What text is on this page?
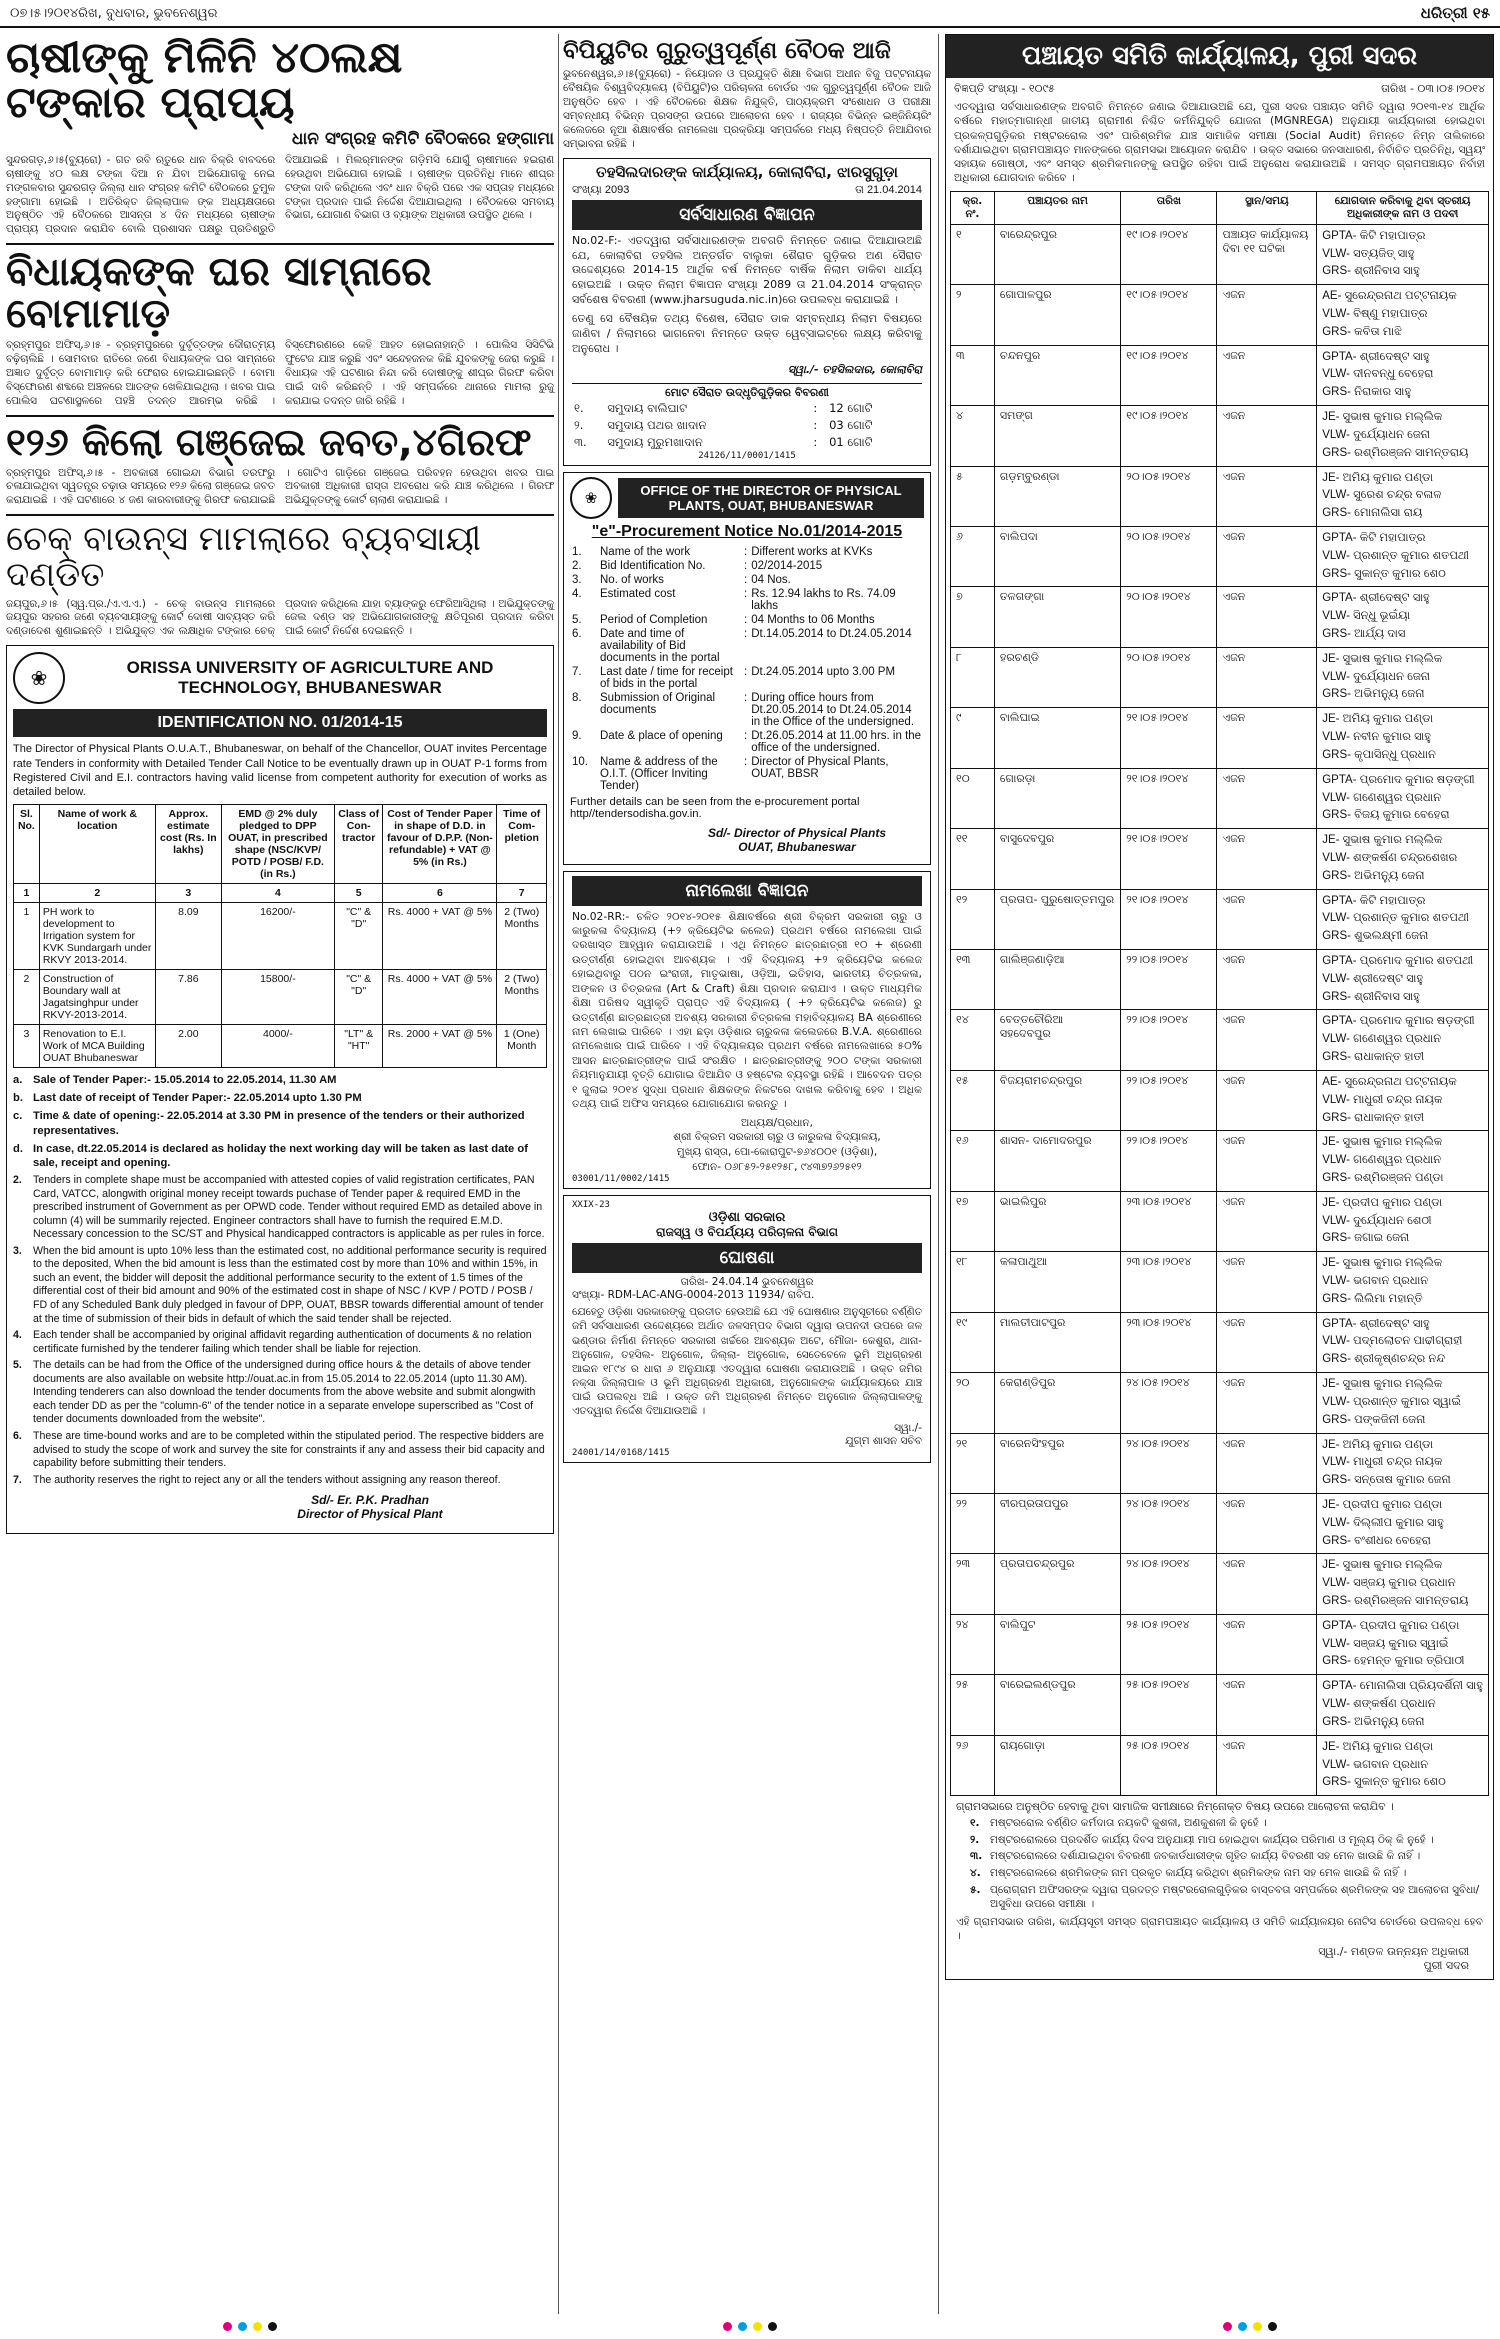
୦୭।୫।୨୦୧୪ରିଖ, ବୁଧବାର, ଭୁବନେଶ୍ୱର	ଧରିତ୍ରୀ ୧୫
ଚାଷୀଙ୍କୁ ମିଳିନି ୪୦ଲକ୍ଷ ଟଙ୍କାର ପ୍ରାପ୍ୟ
ଧାନ ସଂଗ୍ରହ କମିଟି ବୈଠକରେ ହଙ୍ଗାମା

ସୁନ୍ଦରଗଡ଼,୬।୫(ବ୍ୟୁରୋ) - ଗତ ରବି ଋତୁରେ ଧାନ ବିକ୍ରି ବାବଦରେ ଚାଷୀଙ୍କୁ ୪୦ ଲକ୍ଷ ଟଙ୍କା ଦିଆ ନ ଯିବା ଅଭିଯୋଗକୁ ନେଇ ମଙ୍ଗଳବାର ସୁନ୍ଦରଗଡ଼ ଜିଲ୍ଲା ଧାନ ସଂଗ୍ରହ କମିଟି ବୈଠକରେ ତୁମୁଳ ହଙ୍ଗାମା ହୋଇଛି । ଅତିରିକ୍ତ ଜିଲ୍ଲାପାଳ ଙ୍କ ଅଧ୍ୟକ୍ଷତାରେ ଅନୁଷ୍ଠିତ ଏହି ବୈଠକରେ ଆସନ୍ତା ୪ ଦିନ ମଧ୍ୟରେ ଚାଷୀଙ୍କ ପ୍ରାପ୍ୟ ପ୍ରଦାନ କରାଯିବ ବୋଲି ପ୍ରଶାସନ ପକ୍ଷରୁ ପ୍ରତିଶ୍ରୁତି ଦିଆଯାଇଛି । ମିଲର୍‌ମାନଙ୍କ ଗଡ଼ିମସି ଯୋଗୁଁ ଚାଷୀମାନେ ହଇରାଣ ହେଉଥିବା ଅଭିଯୋଗ ହୋଇଛି । ଚାଷୀଙ୍କ ପ୍ରତିନିଧି ମାନେ ଶୀଘ୍ର ଟଙ୍କା ଦାବି କରିଥିଲେ ଏବଂ ଧାନ ବିକ୍ରି ପରେ ଏକ ସପ୍ତାହ ମଧ୍ୟରେ ଟଙ୍କା ପ୍ରଦାନ ପାଇଁ ନିର୍ଦ୍ଦେଶ ଦିଆଯାଇଥିଲା । ବୈଠକରେ ସମବାୟ ବିଭାଗ, ଯୋଗାଣ ବିଭାଗ ଓ ବ୍ୟାଙ୍କ ଅଧିକାରୀ ଉପସ୍ଥିତ ଥିଲେ ।

ବିଧାୟକଙ୍କ ଘର ସାମ୍ନାରେ ବୋମାମାଡ଼

ବ୍ରହ୍ମପୁର ଅଫିସ୍,୬।୫ - ବ୍ରହ୍ମପୁରରେ ଦୁର୍ବୃତ୍ତଙ୍କ ଦୌରାତ୍ମ୍ୟ ବଢ଼ିଚାଲିଛି । ସୋମବାର ରାତିରେ ଜଣେ ବିଧାୟକଙ୍କ ଘର ସାମ୍ନାରେ ଅଜ୍ଞାତ ଦୁର୍ବୃତ୍ତ ବୋମାମାଡ଼ କରି ଫେରାର ହୋଇଯାଇଛନ୍ତି । ବୋମା ବିସ୍ଫୋରଣ ଶବ୍ଦରେ ଅଞ୍ଚଳରେ ଆତଙ୍କ ଖେଳିଯାଇଥିଲା । ଖବର ପାଇ ପୋଲିସ ଘଟଣାସ୍ଥଳରେ ପହଞ୍ଚି ତଦନ୍ତ ଆରମ୍ଭ କରିଛି । ବିସ୍ଫୋରଣରେ କେହି ଆହତ ହୋଇନାହାନ୍ତି । ପୋଲିସ ସିସିଟିଭି ଫୁଟେଜ ଯାଞ୍ଚ କରୁଛି ଏବଂ ସନ୍ଦେହଜନକ କିଛି ଯୁବକଙ୍କୁ ଜେରା କରୁଛି । ବିଧାୟକ ଏହି ଘଟଣାର ନିନ୍ଦା କରି ଦୋଷୀଙ୍କୁ ଶୀଘ୍ର ଗିରଫ କରିବା ପାଇଁ ଦାବି କରିଛନ୍ତି । ଏହି ସମ୍ପର୍କରେ ଥାନାରେ ମାମଲା ରୁଜୁ କରାଯାଇ ତଦନ୍ତ ଜାରି ରହିଛି ।

୧୨୬ କିଲୋ ଗଞ୍ଜେଇ ଜବତ,୪ଗିରଫ

ବ୍ରହ୍ମପୁର ଅଫିସ୍,୬।୫ - ଅବକାରୀ ଗୋଇନ୍ଦା ବିଭାଗ ତରଫରୁ ଚଳାଯାଇଥିବା ସ୍ୱତନ୍ତ୍ର ଚଢ଼ାଉ ସମୟରେ ୧୨୬ କିଲୋ ଗଞ୍ଜେଇ ଜବତ କରାଯାଇଛି । ଏହି ଘଟଣାରେ ୪ ଜଣ କାରବାରୀଙ୍କୁ ଗିରଫ କରାଯାଇଛି । ଗୋଟିଏ ଗାଡ଼ିରେ ଗଞ୍ଜେଇ ପରିବହନ ହେଉଥିବା ଖବର ପାଇ ଅବକାରୀ ଅଧିକାରୀ ରାସ୍ତା ଅବରୋଧ କରି ଯାଞ୍ଚ କରିଥିଲେ । ଗିରଫ ଅଭିଯୁକ୍ତଙ୍କୁ କୋର୍ଟ ଚାଲାଣ କରାଯାଇଛି ।

ଚେକ୍ ବାଉନ୍ସ ମାମଲାରେ ବ୍ୟବସାୟୀ ଦଣ୍ଡିତ

ଜୟପୁର,୬।୫ (ସ୍ୱ.ପ୍ର./ଏ.ଏ.ଏ.) - ଚେକ୍ ବାଉନ୍ସ ମାମଲାରେ ଜୟପୁର ସହରର ଜଣେ ବ୍ୟବସାୟୀଙ୍କୁ କୋର୍ଟ ଦୋଷୀ ସାବ୍ୟସ୍ତ କରି ଦଣ୍ଡାଦେଶ ଶୁଣାଇଛନ୍ତି । ଅଭିଯୁକ୍ତ ଏକ ଲକ୍ଷାଧିକ ଟଙ୍କାର ଚେକ୍ ପ୍ରଦାନ କରିଥିଲେ ଯାହା ବ୍ୟାଙ୍କରୁ ଫେରିଆସିଥିଲା । ଅଭିଯୁକ୍ତଙ୍କୁ ଜେଲ ଦଣ୍ଡ ସହ ଅଭିଯୋଗକାରୀଙ୍କୁ କ୍ଷତିପୂରଣ ପ୍ରଦାନ କରିବା ପାଇଁ କୋର୍ଟ ନିର୍ଦ୍ଦେଶ ଦେଇଛନ୍ତି ।

❀	ORISSA UNIVERSITY OF AGRICULTURE AND TECHNOLOGY, BHUBANESWAR
IDENTIFICATION NO. 01/2014-15

The Director of Physical Plants O.U.A.T., Bhubaneswar, on behalf of the Chancellor, OUAT invites Percentage rate Tenders in conformity with Detailed Tender Call Notice to be eventually drawn up in OUAT P-1 forms from Registered Civil and E.I. contractors having valid license from competent authority for execution of works as detailed below.

Sl. No.	Name of work & location	Approx. estimate cost (Rs. In lakhs)	EMD @ 2% duly pledged to DPP OUAT, in prescribed shape (NSC/KVP/ POTD / POSB/ F.D. (in Rs.)	Class of Con-tractor	Cost of Tender Paper in shape of D.D. in favour of D.P.P. (Non-refundable) + VAT @ 5% (in Rs.)	Time of Com-pletion
1	2	3	4	5	6	7
1	PH work to development to Irrigation system for KVK Sundargarh under RKVY 2013-2014.	8.09	16200/-	"C" & "D"	Rs. 4000 + VAT @ 5%	2 (Two) Months
2	Construction of Boundary wall at Jagatsinghpur under RKVY-2013-2014.	7.86	15800/-	"C" & "D"	Rs. 4000 + VAT @ 5%	2 (Two) Months
3	Renovation to E.I. Work of MCA Building OUAT Bhubaneswar	2.00	4000/-	"LT" & "HT"	Rs. 2000 + VAT @ 5%	1 (One) Month
a. Sale of Tender Paper:- 15.05.2014 to 22.05.2014, 11.30 AM
b. Last date of receipt of Tender Paper:- 22.05.2014 upto 1.30 PM
c. Time & date of opening:- 22.05.2014 at 3.30 PM in presence of the tenders or their authorized representatives.
d. In case, dt.22.05.2014 is declared as holiday the next working day will be taken as last date of sale, receipt and opening.
2.	Tenders in complete shape must be accompanied with attested copies of valid registration certificates, PAN Card, VATCC, alongwith original money receipt towards puchase of Tender paper & required EMD in the prescribed instrument of Government as per OPWD code. Tender without required EMD as detailed above in column (4) will be summarily rejected. Engineer contractors shall have to furnish the required E.M.D. Necessary concession to the SC/ST and Physical handicapped contractors is applicable as per rules in force.
3.	When the bid amount is upto 10% less than the estimated cost, no additional performance security is required to the deposited, When the bid amount is less than the estimated cost by more than 10% and within 15%, in such an event, the bidder will deposit the additional performance security to the extent of 1.5 times of the differential cost of their bid amount and 90% of the estimated cost in shape of NSC / KVP / POTD / POSB / FD of any Scheduled Bank duly pledged in favour of DPP, OUAT, BBSR towards differential amount of tender at the time of submission of their bids in default of which the said tender shall be rejected.
4.	Each tender shall be accompanied by original affidavit regarding authentication of documents & no relation certificate furnished by the tenderer failing which tender shall be liable for rejection.
5.	The details can be had from the Office of the undersigned during office hours & the details of above tender documents are also available on website http://ouat.ac.in from 15.05.2014 to 22.05.2014 (upto 11.30 AM). Intending tenderers can also download the tender documents from the above website and submit alongwith each tender DD as per the "column-6" of the tender notice in a separate envelope superscribed as "Cost of tender documents downloaded from the website".
6.	These are time-bound works and are to be completed within the stipulated period. The respective bidders are advised to study the scope of work and survey the site for constraints if any and assess their bid capacity and capability before submitting their tenders.
7.	The authority reserves the right to reject any or all the tenders without assigning any reason thereof.
Sd/- Er. P.K. Pradhan
Director of Physical Plant
ବିପିୟୁଟିର ଗୁରୁତ୍ୱପୂର୍ଣ୍ଣ ବୈଠକ ଆଜି

ଭୁବନେଶ୍ୱର,୬।୫(ବ୍ୟୁରୋ) - ନିୟୋଜନ ଓ ପ୍ରଯୁକ୍ତି ଶିକ୍ଷା ବିଭାଗ ଅଧୀନ ବିଜୁ ପଟ୍ଟନାୟକ ବୈଷୟିକ ବିଶ୍ୱବିଦ୍ୟାଳୟ (ବିପିୟୁଟି)ର ପରିଚାଳନା ବୋର୍ଡର ଏକ ଗୁରୁତ୍ୱପୂର୍ଣ୍ଣ ବୈଠକ ଆଜି ଅନୁଷ୍ଠିତ ହେବ । ଏହି ବୈଠକରେ ଶିକ୍ଷକ ନିଯୁକ୍ତି, ପାଠ୍ୟକ୍ରମ ସଂଶୋଧନ ଓ ପରୀକ୍ଷା ସମ୍ବନ୍ଧୀୟ ବିଭିନ୍ନ ପ୍ରସଙ୍ଗ ଉପରେ ଆଲୋଚନା ହେବ । ରାଜ୍ୟର ବିଭିନ୍ନ ଇଞ୍ଜିନିୟରିଂ କଲେଜରେ ନୂଆ ଶିକ୍ଷାବର୍ଷର ନାମଲେଖା ପ୍ରକ୍ରିୟା ସମ୍ପର୍କରେ ମଧ୍ୟ ନିଷ୍ପତ୍ତି ନିଆଯିବାର ସମ୍ଭାବନା ରହିଛି ।

ତହସିଲଦାରଙ୍କ କାର୍ଯ୍ୟାଳୟ, କୋଲାବିରା, ଝାରସୁଗୁଡ଼ା
ସଂଖ୍ୟା 2093	ତା 21.04.2014
ସର୍ବସାଧାରଣ ବିଜ୍ଞାପନ

No.02-F:- ଏତଦ୍ୱାରା ସର୍ବସାଧାରଣଙ୍କ ଅବଗତି ନିମନ୍ତେ ଜଣାଇ ଦିଆଯାଉଅଛି ଯେ, କୋଲାବିରା ତହସିଲ ଅନ୍ତର୍ଗତ ବାଲୁକା ଶୈରାତ ଗୁଡ଼ିକର ଅଣ ସୈରାତ ଉଦ୍ଦେଶ୍ୟରେ 2014-15 ଆର୍ଥିକ ବର୍ଷ ନିମନ୍ତେ ବାର୍ଷିକ ନିଲାମ ଡାକିବା ଧାର୍ଯ୍ୟ ହୋଇଅଛି । ଉକ୍ତ ନିଲାମ ବିଜ୍ଞାପନ ସଂଖ୍ୟା 2089 ତା 21.04.2014 ସଂକ୍ରାନ୍ତ ସର୍ବଶେଷ ବିବରଣୀ (www.jharsuguda.nic.in)ରେ ଉପଲବ୍ଧ କରାଯାଇଛି ।

ତେଣୁ ସେ ବୈଷୟିକ ତଥ୍ୟ ବିଶେଷ, ସୈରାତ ଡାକ ସମ୍ବନ୍ଧୀୟ ନିଲାମ ବିଷୟରେ ଜାଣିବା / ନିଲାମରେ ଭାଗନେବା ନିମନ୍ତେ ଉକ୍ତ ୱେବ୍‌ସାଇଟ୍‌ରେ ଲକ୍ଷ୍ୟ କରିବାକୁ ଅନୁରୋଧ ।

ସ୍ୱା./- ତହସିଲଦାର, କୋଲାବିରା
ମୋଟ ସୈରାତ ଉଦ୍ଧୃତିଗୁଡ଼ିକର ବିବରଣୀ
୧.	ସମୁଦାୟ ବାଲିଘାଟ	:	12 ଗୋଟି
୨.	ସମୁଦାୟ ପଥର ଖାଦାନ	:	03 ଗୋଟି
୩.	ସମୁଦାୟ ମୁରୁମଖାଦାନ	:	01 ଗୋଟି
24126/11/0001/1415
❀	OFFICE OF THE DIRECTOR OF PHYSICAL PLANTS, OUAT, BHUBANESWAR
"e"-Procurement Notice No.01/2014-2015
1.	Name of the work	:	Different works at KVKs
2.	Bid Identification No.	:	02/2014-2015
3.	No. of works	:	04 Nos.
4.	Estimated cost	:	Rs. 12.94 lakhs to Rs. 74.09 lakhs
5.	Period of Completion	:	04 Months to 06 Months
6.	Date and time of availability of Bid documents in the portal	:	Dt.14.05.2014 to Dt.24.05.2014
7.	Last date / time for receipt of bids in the portal	:	Dt.24.05.2014 upto 3.00 PM
8.	Submission of Original documents	:	During office hours from Dt.20.05.2014 to Dt.24.05.2014 in the Office of the undersigned.
9.	Date & place of opening	:	Dt.26.05.2014 at 11.00 hrs. in the office of the undersigned.
10.	Name & address of the O.I.T. (Officer Inviting Tender)	:	Director of Physical Plants, OUAT, BBSR

Further details can be seen from the e-procurement portal http//tendersodisha.gov.in.

Sd/- Director of Physical Plants
OUAT, Bhubaneswar
ନାମଲେଖା ବିଜ୍ଞାପନ

No.02-RR:- ଚଳିତ ୨୦୧୪-୨୦୧୫ ଶିକ୍ଷାବର୍ଷରେ ଶ୍ରୀ ବିକ୍ରମ ସରକାରୀ ଚାରୁ ଓ କାରୁକଳା ବିଦ୍ୟାଳୟ (+୨ କ୍ରିୟେଟିଭ କଲେଜ) ପ୍ରଥମ ବର୍ଷରେ ନାମଲେଖା ପାଇଁ ଦରଖାସ୍ତ ଆହ୍ୱାନ କରାଯାଉଅଛି । ଏଥି ନିମନ୍ତେ ଛାତ୍ରଛାତ୍ରୀ ୧୦ + ଶ୍ରେଣୀ ଉତ୍ତୀର୍ଣ୍ଣ ହୋଇଥିବା ଆବଶ୍ୟକ । ଏହି ବିଦ୍ୟାଳୟ +୨ କ୍ରିୟେଟିଭ କଲେଜ ହୋଇଥିବାରୁ ପଠନ ଇଂରାଜୀ, ମାତୃଭାଷା, ଓଡ଼ିଆ, ଇତିହାସ, ଭାରତୀୟ ଚିତ୍ରକଳା, ଅଙ୍କନ ଓ ଚିତ୍ରକଳା (Art & Craft) ଶିକ୍ଷା ପ୍ରଦାନ କରାଯାଏ । ଉକ୍ତ ମାଧ୍ୟମିକ ଶିକ୍ଷା ପରିଷଦ ସ୍ୱୀକୃତି ପ୍ରାପ୍ତ ଏହି ବିଦ୍ୟାଳୟ ( +୨ କ୍ରିୟେଟିଭ କଲେଜ) ରୁ ଉତ୍ତୀର୍ଣ୍ଣ ଛାତ୍ରଛାତ୍ରୀ ଅବଶ୍ୟ ସରକାରୀ ଚିତ୍ରକଳା ମହାବିଦ୍ୟାଳୟ BA ଶ୍ରେଣୀରେ ନାମ ଲେଖାଇ ପାରିବେ । ଏହା ଛଡ଼ା ଓଡ଼ିଶାର ଚାରୁକଳା କଲେଜରେ B.V.A. ଶ୍ରେଣୀରେ ନାମଲେଖାର ପାଇଁ ପାରିବେ । ଏହି ବିଦ୍ୟାଳୟର ପ୍ରଥମ ବର୍ଷରେ ନାମଲେଖାରେ ୫୦% ଆସନ ଛାତ୍ରଛାତ୍ରୀଙ୍କ ପାଇଁ ସଂରକ୍ଷିତ । ଛାତ୍ରଛାତ୍ରୀଙ୍କୁ ୨୦୦ ଟଙ୍କା ସରକାରୀ ନିୟମାନୁଯାୟୀ ବୃତ୍ତି ଯୋଗାଇ ଦିଆଯିବ ଓ ହଷ୍ଟେଲ ବ୍ୟବସ୍ଥା ରହିଛି । ଆବେଦନ ପତ୍ର ୧ ଜୁଲାଇ ୨୦୧୪ ସୁଦ୍ଧା ପ୍ରଧାନ ଶିକ୍ଷକଙ୍କ ନିକଟରେ ଦାଖଲ କରିବାକୁ ହେବ । ଅଧିକ ତଥ୍ୟ ପାଇଁ ଅଫିସ ସମୟରେ ଯୋଗାଯୋଗ କରନ୍ତୁ ।

ଅଧ୍ୟକ୍ଷ/ପ୍ରଧାନ,
ଶ୍ରୀ ବିକ୍ରମ ସରକାରୀ ଚାରୁ ଓ କାରୁକଳା ବିଦ୍ୟାଳୟ,
ମୁଖ୍ୟ ରାସ୍ତା, ପୋ-କୋରାପୁଟ-୭୬୪୦୦୧ (ଓଡ଼ିଶା),
ଫୋନ- ୦୬୮୫୨-୨୫୧୨୫୮, ୯୪୩୭୨୬୨୫୧୨
03001/11/0002/1415
XXIX-23
ଓଡ଼ିଶା ସରକାର
ରାଜସ୍ୱ ଓ ବିପର୍ଯ୍ୟୟ ପରିଚାଳନା ବିଭାଗ
ଘୋଷଣା
ତାରିଖ- 24.04.14 ଭୁବନେଶ୍ୱର
ସଂଖ୍ୟା- RDM-LAC-ANG-0004-2013 11934/ ରାବିପ.

ଯେହେତୁ ଓଡ଼ିଶା ସରକାରଙ୍କୁ ପ୍ରତୀତ ହେଉଅଛି ଯେ ଏହି ଘୋଷଣାର ଅନୁସୂଚୀରେ ବର୍ଣ୍ଣିତ ଜମି ସର୍ବସାଧାରଣ ଉଦ୍ଦେଶ୍ୟରେ ଅର୍ଥାତ ଜଳସମ୍ପଦ ବିଭାଗ ଦ୍ୱାରା ଉପନଦୀ ଉପରେ ଜଳ ଭଣ୍ଡାର ନିର୍ମାଣ ନିମନ୍ତେ ସରକାରୀ ଖର୍ଚ୍ଚରେ ଆବଶ୍ୟକ ଅଟେ, ମୌଜା- କେଶୁରା, ଥାନା- ଅନୁଗୋଳ, ତହସିଲ- ଅନୁଗୋଳ, ଜିଲ୍ଲା- ଅନୁଗୋଳ, ସେତେବେଳେ ଭୂମି ଅଧିଗ୍ରହଣ ଆଇନ ୧୮୯୪ ର ଧାରା ୬ ଅନୁଯାୟୀ ଏତଦ୍ୱାରା ଘୋଷଣା କରାଯାଉଅଛି । ଉକ୍ତ ଜମିର ନକ୍ସା ଜିଲ୍ଲାପାଳ ଓ ଭୂମି ଅଧିଗ୍ରହଣ ଅଧିକାରୀ, ଅନୁଗୋଳଙ୍କ କାର୍ଯ୍ୟାଳୟରେ ଯାଞ୍ଚ ପାଇଁ ଉପଲବ୍ଧ ଅଛି । ଉକ୍ତ ଜମି ଅଧିଗ୍ରହଣ ନିମନ୍ତେ ଅନୁଗୋଳ ଜିଲ୍ଲାପାଳଙ୍କୁ ଏତଦ୍ୱାରା ନିର୍ଦ୍ଦେଶ ଦିଆଯାଉଅଛି ।

ସ୍ୱା./-
ଯୁଗ୍ମ ଶାସନ ସଚିବ
24001/14/0168/1415
ପଞ୍ଚାୟତ ସମିତି କାର୍ଯ୍ୟାଳୟ, ପୁରୀ ସଦର
ବିଜ୍ଞପ୍ତି ସଂଖ୍ୟା - ୧୦୯୫	ତାରିଖ - ୦୩।୦୫।୨୦୧୪

ଏତଦ୍ୱାରା ସର୍ବସାଧାରଣଙ୍କ ଅବଗତି ନିମନ୍ତେ ଜଣାଇ ଦିଆଯାଉଅଛି ଯେ, ପୁରୀ ସଦର ପଞ୍ଚାୟତ ସମିତି ଦ୍ୱାରା ୨୦୧୩-୧୪ ଆର୍ଥିକ ବର୍ଷରେ ମହାତ୍ମାଗାନ୍ଧୀ ଜାତୀୟ ଗ୍ରାମୀଣ ନିଶ୍ଚିତ କର୍ମନିଯୁକ୍ତି ଯୋଜନା (MGNREGA) ଅନୁଯାୟୀ କାର୍ଯ୍ୟକାରୀ ହୋଇଥିବା ପ୍ରକଳ୍ପଗୁଡ଼ିକର ମଷ୍ଟରରୋଲ ଏବଂ ପାରିଶ୍ରମିକ ଯାଞ୍ଚ ସାମାଜିକ ସମୀକ୍ଷା (Social Audit) ନିମନ୍ତେ ନିମ୍ନ ତାଲିକାରେ ଦର୍ଶାଯାଇଥିବା ଗ୍ରାମପଞ୍ଚାୟତ ମାନଙ୍କରେ ଗ୍ରାମସଭା ଆୟୋଜନ କରାଯିବ । ଉକ୍ତ ସଭାରେ ଜନସାଧାରଣ, ନିର୍ବାଚିତ ପ୍ରତିନିଧି, ସ୍ୱୟଂ ସହାୟକ ଗୋଷ୍ଠୀ, ଏବଂ ସମସ୍ତ ଶ୍ରମିକମାନଙ୍କୁ ଉପସ୍ଥିତ ରହିବା ପାଇଁ ଅନୁରୋଧ କରାଯାଉଅଛି । ସମସ୍ତ ଗ୍ରାମପଞ୍ଚାୟତ ନିର୍ବାହୀ ଅଧିକାରୀ ଯୋଗଦାନ କରିବେ ।

କ୍ର. ନଂ.	ପଞ୍ଚାୟତର ନାମ	ତାରିଖ	ସ୍ଥାନ/ସମୟ	ଯୋଗଦାନ କରିବାକୁ ଥିବା ସ୍ତରୀୟ ଅଧିକାରୀଙ୍କ ନାମ ଓ ପଦବୀ
୧	ବାରେନ୍ଦ୍ରପୁର	୧୯।୦୫।୨୦୧୪	ପଞ୍ଚାୟତ କାର୍ଯ୍ୟାଳୟ ଦିବା ୧୧ ଘଟିକା	GPTA- କିଟି ମହାପାତ୍ର
VLW- ସତ୍ୟଜିତ୍ ସାହୁ
GRS- ଶ୍ରୀନିବାସ ସାହୁ

୨	ଗୋପାଳପୁର	୧୯।୦୫।୨୦୧୪	ଏଜନ	AE- ସୁରେନ୍ଦ୍ରନାଥ ପଟ୍ଟନାୟକ
VLW- ବିଷ୍ଣୁ ମହାପାତ୍ର
GRS- କବିତା ମାଝି

୩	ଚନ୍ଦନପୁର	୧୯।୦୫।୨୦୧୪	ଏଜନ	GPTA- ଶ୍ରୀଦେଷ୍ଟ ସାହୁ
VLW- ଦୀନବନ୍ଧୁ ବେହେରା
GRS- ନିରାକାର ସାହୁ

୪	ସମଙ୍ଗ	୧୯।୦୫।୨୦୧୪	ଏଜନ	JE- ସୁଭାଷ କୁମାର ମଲ୍ଲିକ
VLW- ଦୁର୍ଯ୍ୟୋଧନ ଜେନା
GRS- ରଶ୍ମିରଞ୍ଜନ ସାମନ୍ତରାୟ

୫	ଗଡ଼ମ୍ବୁରଣ୍ଡା	୨୦।୦୫।୨୦୧୪	ଏଜନ	JE- ଅମିୟ କୁମାର ପଣ୍ଡା
VLW- ସୁରେଶ ଚନ୍ଦ୍ର ବଳାଳ
GRS- ମୋନାଲିସା ରାୟ

୬	ବାଲିପଦା	୨୦।୦୫।୨୦୧୪	ଏଜନ	GPTA- କିଟି ମହାପାତ୍ର
VLW- ପ୍ରଶାନ୍ତ କୁମାର ଶତପଥୀ
GRS- ସୁକାନ୍ତ କୁମାର ଶେଠ

୭	ତଳଗଙ୍ଗା	୨୦।୦୫।୨୦୧୪	ଏଜନ	GPTA- ଶ୍ରୀଦେଷ୍ଟ ସାହୁ
VLW- ସିନ୍ଧୁ ଭୂଇଁୟା
GRS- ଆର୍ଯ୍ୟ ଦାସ

୮	ହରଚଣ୍ଡି	୨୦।୦୫।୨୦୧୪	ଏଜନ	JE- ସୁଭାଷ କୁମାର ମଲ୍ଲିକ
VLW- ଦୁର୍ଯ୍ୟୋଧନ ଜେନା
GRS- ଅଭିମନ୍ୟୁ ଜେନା

୯	ବାଲିଘାଇ	୨୧।୦୫।୨୦୧୪	ଏଜନ	JE- ଅମିୟ କୁମାର ପଣ୍ଡା
VLW- ନବୀନ କୁମାର ସାହୁ
GRS- କୃପାସିନ୍ଧୁ ପ୍ରଧାନ

୧୦	ଗୋରଡ଼ା	୨୧।୦୫।୨୦୧୪	ଏଜନ	GPTA- ପ୍ରମୋଦ କୁମାର ଷଡ଼ଙ୍ଗୀ
VLW- ଗଣେଶ୍ୱର ପ୍ରଧାନ
GRS- ବିଜୟ କୁମାର ବେହେରା

୧୧	ବାସୁଦେବପୁର	୨୧।୦୫।୨୦୧୪	ଏଜନ	JE- ସୁଭାଷ କୁମାର ମଲ୍ଲିକ
VLW- ଶଙ୍କର୍ଷଣ ଚନ୍ଦ୍ରଶେଖର
GRS- ଅଭିମନ୍ୟୁ ଜେନା

୧୨	ପ୍ରତାପ- ପୁରୁଷୋତ୍ତମପୁର	୨୧।୦୫।୨୦୧୪	ଏଜନ	GPTA- କିଟି ମହାପାତ୍ର
VLW- ପ୍ରଶାନ୍ତ କୁମାର ଶତପଥୀ
GRS- ଶୁଭଲକ୍ଷ୍ମୀ ଜେନା

୧୩	ଗାଲିଞ୍ଜଣାଡ଼ିଆ	୨୨।୦୫।୨୦୧୪	ଏଜନ	GPTA- ପ୍ରମୋଦ କୁମାର ଶତପଥୀ
VLW- ଶ୍ରୀଦେଷ୍ଟ ସାହୁ
GRS- ଶ୍ରୀନିବାସ ସାହୁ

୧୪	ବେତ୍ତଚୌରିଆ ସହଦେବପୁର	୨୨।୦୫।୨୦୧୪	ଏଜନ	GPTA- ପ୍ରମୋଦ କୁମାର ଷଡ଼ଙ୍ଗୀ
VLW- ଗଣେଶ୍ୱର ପ୍ରଧାନ
GRS- ରାଧାକାନ୍ତ ହାତୀ

୧୫	ବିଜୟରାମଚନ୍ଦ୍ରପୁର	୨୨।୦୫।୨୦୧୪	ଏଜନ	AE- ସୁରେନ୍ଦ୍ରନାଥ ପଟ୍ଟନାୟକ
VLW- ମାଧୁରୀ ଚନ୍ଦ୍ର ନାୟକ
GRS- ରାଧାକାନ୍ତ ହାତୀ

୧୬	ଶାସନ- ଦାମୋଦରପୁର	୨୨।୦୫।୨୦୧୪	ଏଜନ	JE- ସୁଭାଷ କୁମାର ମଲ୍ଲିକ
VLW- ଗଣେଶ୍ୱର ପ୍ରଧାନ
GRS- ରଶ୍ମିରଞ୍ଜନ ପଣ୍ଡା

୧୭	ଭାଇଲିପୁର	୨୩।୦୫।୨୦୧୪	ଏଜନ	JE- ପ୍ରଦୀପ କୁମାର ପଣ୍ଡା
VLW- ଦୁର୍ଯ୍ୟୋଧନ ଶେଠୀ
GRS- ଜଗାଇ ଜେନା

୧୮	କଳାପାଥୁଆ	୨୩।୦୫।୨୦୧୪	ଏଜନ	JE- ସୁଭାଷ କୁମାର ମଲ୍ଲିକ
VLW- ଭଗବାନ ପ୍ରଧାନ
GRS- ଲିଲିମା ମହାନ୍ତି

୧୯	ମାଲତୀପାଟପୁର	୨୩।୦୫।୨୦୧୪	ଏଜନ	GPTA- ଶ୍ରୀଦେଷ୍ଟ ସାହୁ
VLW- ପଦ୍ମଲୋଚନ ପାଢୀଗ୍ରାହୀ
GRS- ଶ୍ରୀକୃଷ୍ଣଚନ୍ଦ୍ର ନନ୍ଦ

୨୦	କେରାଣ୍ଡିପୁର	୨୪।୦୫।୨୦୧୪	ଏଜନ	JE- ସୁଭାଷ କୁମାର ମଲ୍ଲିକ
VLW- ପ୍ରଶାନ୍ତ କୁମାର ସ୍ୱାଇଁ
GRS- ପଙ୍କଜିନୀ ଜେନା

୨୧	ବାରେନସିଂହପୁର	୨୪।୦୫।୨୦୧୪	ଏଜନ	JE- ଅମିୟ କୁମାର ପଣ୍ଡା
VLW- ମାଧୁରୀ ଚନ୍ଦ୍ର ନାୟକ
GRS- ସନ୍ତୋଷ କୁମାର ଜେନା

୨୨	ବୀରପ୍ରତାପପୁର	୨୪।୦୫।୨୦୧୪	ଏଜନ	JE- ପ୍ରଦୀପ କୁମାର ପଣ୍ଡା
VLW- ଦିଲ୍ଲୀପ କୁମାର ସାହୁ
GRS- ବଂଶୀଧର ବେହେରା

୨୩	ପ୍ରତାପଚନ୍ଦ୍ରପୁର	୨୪।୦୫।୨୦୧୪	ଏଜନ	JE- ସୁଭାଷ କୁମାର ମଲ୍ଲିକ
VLW- ସଞ୍ଜୟ କୁମାର ପ୍ରଧାନ
GRS- ରଶ୍ମିରଞ୍ଜନ ସାମନ୍ତରାୟ

୨୪	ବାଲିପୁଟ	୨୫।୦୫।୨୦୧୪	ଏଜନ	GPTA- ପ୍ରଦୀପ କୁମାର ପଣ୍ଡା
VLW- ସଞ୍ଜୟ କୁମାର ସ୍ୱାଇଁ
GRS- ହେମନ୍ତ କୁମାର ତ୍ରିପାଠୀ

୨୫	ବାରେଇଲଣ୍ଡପୁର	୨୫।୦୫।୨୦୧୪	ଏଜନ	GPTA- ମୋନାଲିସା ପ୍ରିୟଦର୍ଶିନୀ ସାହୁ
VLW- ଶଙ୍କର୍ଷଣ ପ୍ରଧାନ
GRS- ଅଭିମନ୍ୟୁ ଜେନା

୨୬	ରାୟଗୋଡ଼ା	୨୫।୦୫।୨୦୧୪	ଏଜନ	JE- ଅମିୟ କୁମାର ପଣ୍ଡା
VLW- ଭଗବାନ ପ୍ରଧାନ
GRS- ସୁକାନ୍ତ କୁମାର ଶେଠ

ଗ୍ରାମସଭାରେ ଅନୁଷ୍ଠିତ ହେବାକୁ ଥିବା ସାମାଜିକ ସମୀକ୍ଷାରେ ନିମ୍ନୋକ୍ତ ବିଷୟ ଉପରେ ଆଲୋଚନା କରାଯିବ ।

୧.	ମଷ୍ଟରରୋଲ ବର୍ଣ୍ଣିତ କର୍ମଦାତା ନୟକଟି କୁଶଳୀ, ଅଣକୁଶଳୀ କି ନୁହେଁ ।
୨.	ମଷ୍ଟରରୋଲରେ ପ୍ରଦର୍ଶିତ କାର୍ଯ୍ୟ ଦିବସ ଅନୁଯାୟୀ ମାପ ହୋଇଥିବା କାର୍ଯ୍ୟର ପରିମାଣ ଓ ମୂଲ୍ୟ ଠିକ୍ କି ନୁହେଁ ।
୩. ମଷ୍ଟରରୋଲରେ ଦର୍ଶାଯାଇଥିବା ବିବରଣୀ ଜବକାର୍ଡଧାରୀଙ୍କ ଗୃହିତ କାର୍ଯ୍ୟ ବିବରଣୀ ସହ ମେଳ ଖାଉଛି କି ନାହିଁ ।
୪. ମଷ୍ଟରରୋଲରେ ଶ୍ରମିକଙ୍କ ନାମ ପ୍ରକୃତ କାର୍ଯ୍ୟ କରିଥିବା ଶ୍ରମିକଙ୍କ ନାମ ସହ ମେଳ ଖାଉଛି କି ନାହିଁ ।
୫. ପ୍ରୋଗ୍ରାମ ଅଫିସରଙ୍କ ଦ୍ୱାରା ପ୍ରଦତ୍ତ ମଷ୍ଟରରୋଲଗୁଡ଼ିକର ବାସ୍ତବତା ସମ୍ପର୍କରେ ଶ୍ରମିକଙ୍କ ସହ ଆଲୋଚନା ସୁବିଧା/ଅସୁବିଧା ଉପରେ ସମୀକ୍ଷା ।

ଏହି ଗ୍ରାମସଭାର ତାରିଖ, କାର୍ଯ୍ୟସୂଚୀ ସମସ୍ତ ଗ୍ରାମପଞ୍ଚାୟତ କାର୍ଯ୍ୟାଳୟ ଓ ସମିତି କାର୍ଯ୍ୟାଳୟର ନୋଟିସ ବୋର୍ଡରେ ଉପଲବ୍ଧ ହେବ ।

ସ୍ୱା./- ମଣ୍ଡଳ ଉନ୍ନୟନ ଅଧିକାରୀ
ପୁରୀ ସଦର
